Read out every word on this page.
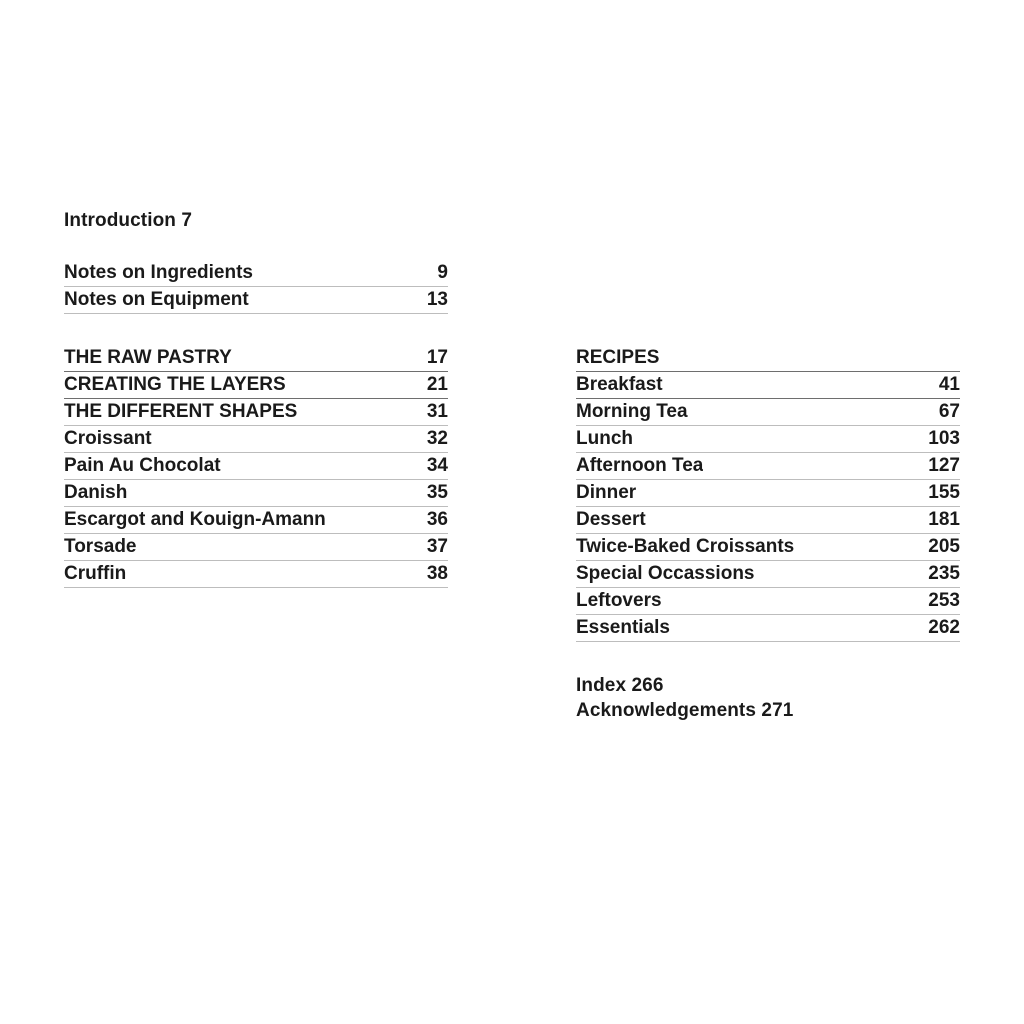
Introduction 7
Notes on Ingredients	9
Notes on Equipment	13
THE RAW PASTRY	17
CREATING THE LAYERS	21
THE DIFFERENT SHAPES	31
Croissant	32
Pain Au Chocolat	34
Danish	35
Escargot and Kouign-Amann	36
Torsade	37
Cruffin	38
RECIPES
Breakfast	41
Morning Tea	67
Lunch	103
Afternoon Tea	127
Dinner	155
Dessert	181
Twice-Baked Croissants	205
Special Occassions	235
Leftovers	253
Essentials	262
Index 266
Acknowledgements 271
